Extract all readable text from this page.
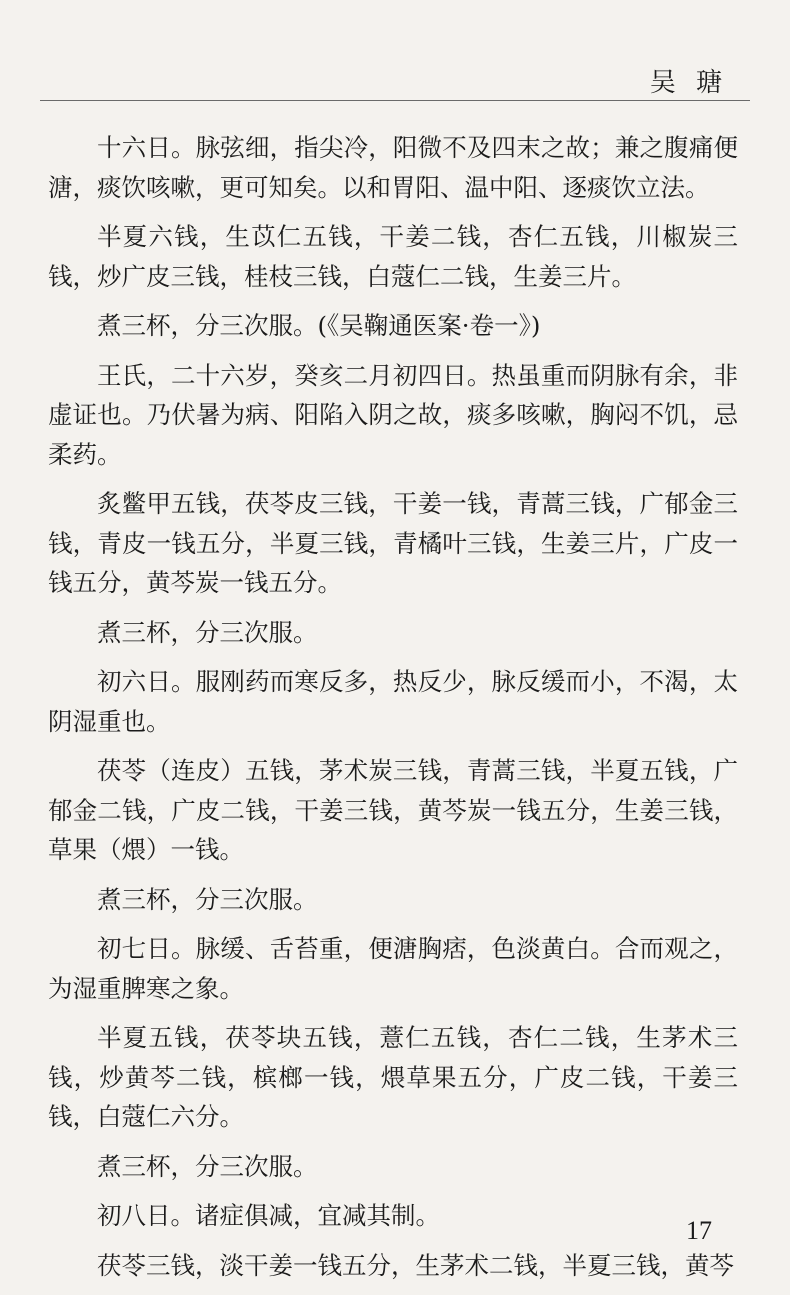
吴 瑭

十六日。脉弦细，指尖冷，阳微不及四末之故；兼之腹痛便溏，痰饮咳嗽，更可知矣。以和胃阳、温中阳、逐痰饮立法。

半夏六钱，生苡仁五钱，干姜二钱，杏仁五钱，川椒炭三钱，炒广皮三钱，桂枝三钱，白蔻仁二钱，生姜三片。

煮三杯，分三次服。(《吴鞠通医案·卷一》)

王氏，二十六岁，癸亥二月初四日。热虽重而阴脉有余，非虚证也。乃伏暑为病、阳陷入阴之故，痰多咳嗽，胸闷不饥，忌柔药。

炙鳖甲五钱，茯苓皮三钱，干姜一钱，青蒿三钱，广郁金三钱，青皮一钱五分，半夏三钱，青橘叶三钱，生姜三片，广皮一钱五分，黄芩炭一钱五分。

煮三杯，分三次服。

初六日。服刚药而寒反多，热反少，脉反缓而小，不渴，太阴湿重也。

茯苓（连皮）五钱，茅术炭三钱，青蒿三钱，半夏五钱，广郁金二钱，广皮二钱，干姜三钱，黄芩炭一钱五分，生姜三钱，草果（煨）一钱。

煮三杯，分三次服。

初七日。脉缓、舌苔重，便溏胸痞，色淡黄白。合而观之，为湿重脾寒之象。

半夏五钱，茯苓块五钱，薏仁五钱，杏仁二钱，生茅术三钱，炒黄芩二钱，槟榔一钱，煨草果五分，广皮二钱，干姜三钱，白蔻仁六分。

煮三杯，分三次服。

初八日。诸症俱减，宜减其制。

茯苓三钱，淡干姜一钱五分，生茅术二钱，半夏三钱，黄芩

17
